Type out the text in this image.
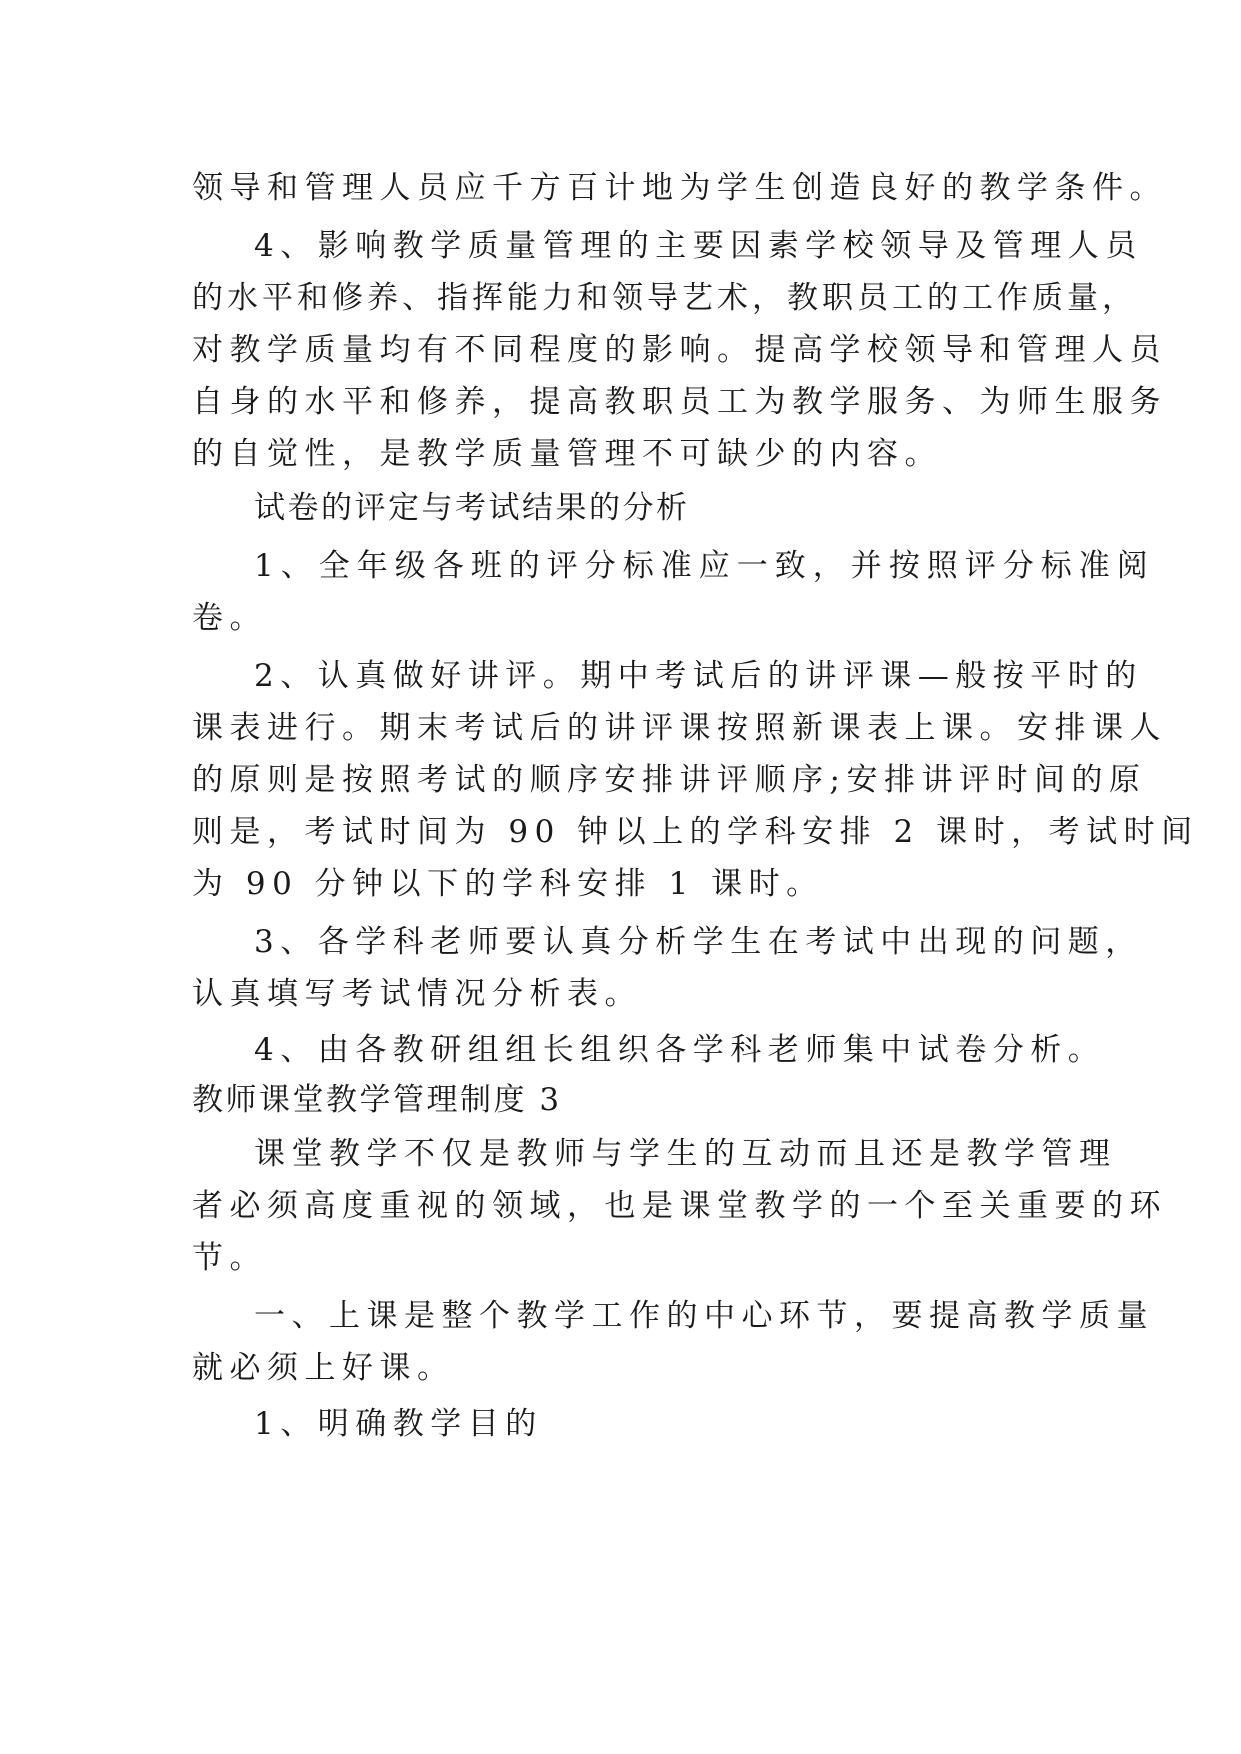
领导和管理人员应千方百计地为学生创造良好的教学条件。
4、影响教学质量管理的主要因素学校领导及管理人员
的水平和修养、指挥能力和领导艺术，教职员工的工作质量，
对教学质量均有不同程度的影响。提高学校领导和管理人员
自身的水平和修养，提高教职员工为教学服务、为师生服务
的自觉性，是教学质量管理不可缺少的内容。
试卷的评定与考试结果的分析
1、全年级各班的评分标准应一致，并按照评分标准阅
卷。
2、认真做好讲评。期中考试后的讲评课—般按平时的
课表进行。期末考试后的讲评课按照新课表上课。安排课人
的原则是按照考试的顺序安排讲评顺序;安排讲评时间的原
则是，考试时间为 90 钟以上的学科安排 2 课时，考试时间
为 90 分钟以下的学科安排 1 课时。
3、各学科老师要认真分析学生在考试中出现的问题，
认真填写考试情况分析表。
4、由各教研组组长组织各学科老师集中试卷分析。
教师课堂教学管理制度 3
课堂教学不仅是教师与学生的互动而且还是教学管理
者必须高度重视的领域，也是课堂教学的一个至关重要的环
节。
一、上课是整个教学工作的中心环节，要提高教学质量
就必须上好课。
1、明确教学目的
